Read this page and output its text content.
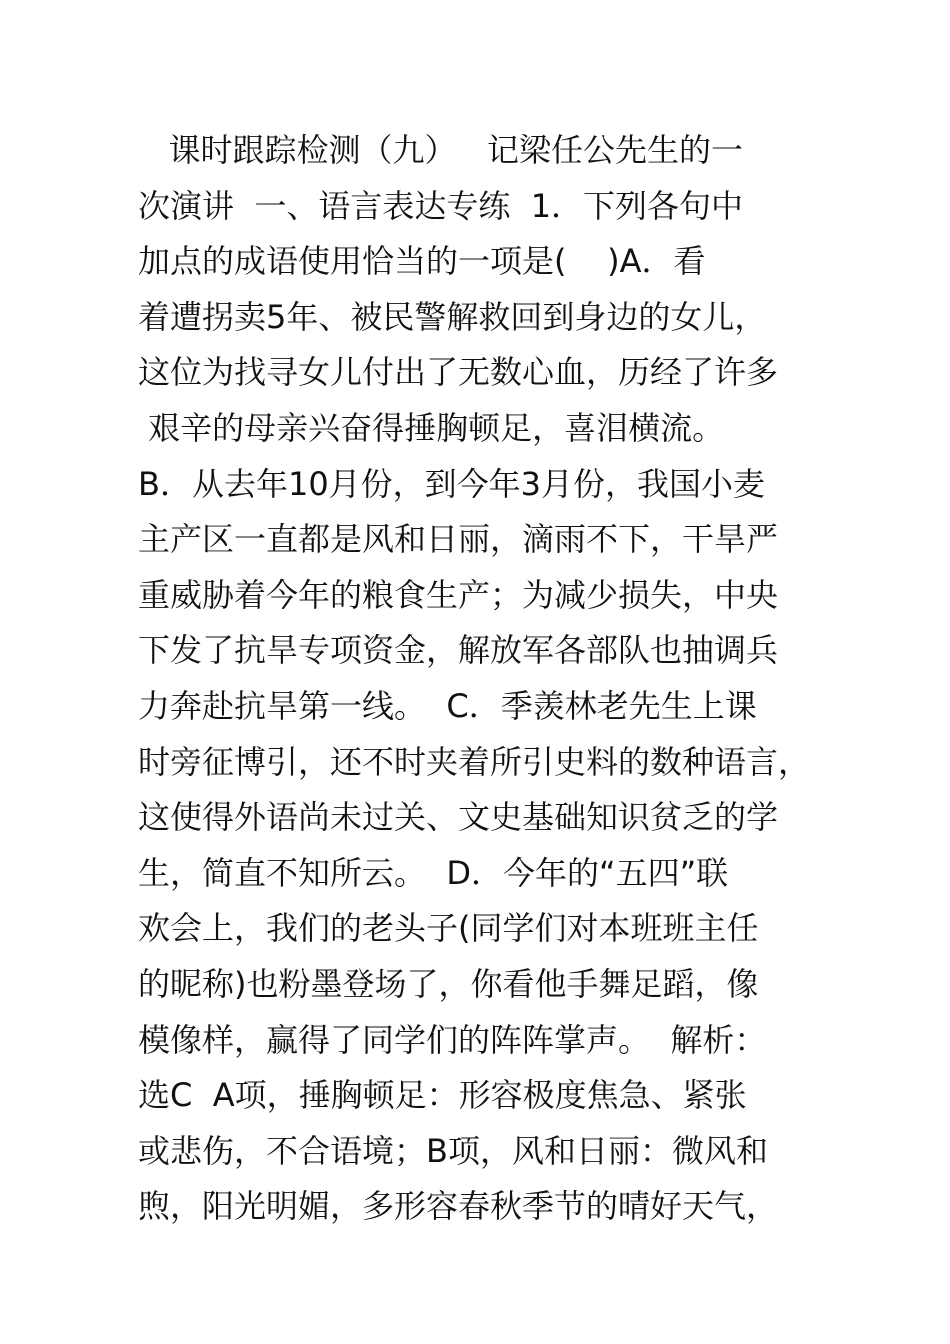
课时跟踪检测（九）   记梁任公先生的一
次演讲  一、语言表达专练  1．下列各句中
加点的成语使用恰当的一项是(    )A．看
着遭拐卖5年、被民警解救回到身边的女儿，
这位为找寻女儿付出了无数心血，历经了许多
艰辛的母亲兴奋得捶胸顿足，喜泪横流。
B．从去年10月份，到今年3月份，我国小麦
主产区一直都是风和日丽，滴雨不下，干旱严
重威胁着今年的粮食生产；为减少损失，中央
下发了抗旱专项资金，解放军各部队也抽调兵
力奔赴抗旱第一线。  C．季羡林老先生上课
时旁征博引，还不时夹着所引史料的数种语言，
这使得外语尚未过关、文史基础知识贫乏的学
生，简直不知所云。  D．今年的“五四”联
欢会上，我们的老头子(同学们对本班班主任
的昵称)也粉墨登场了，你看他手舞足蹈，像
模像样，赢得了同学们的阵阵掌声。  解析：
选C  A项，捶胸顿足：形容极度焦急、紧张
或悲伤，不合语境；B项，风和日丽：微风和
煦，阳光明媚，多形容春秋季节的晴好天气，
